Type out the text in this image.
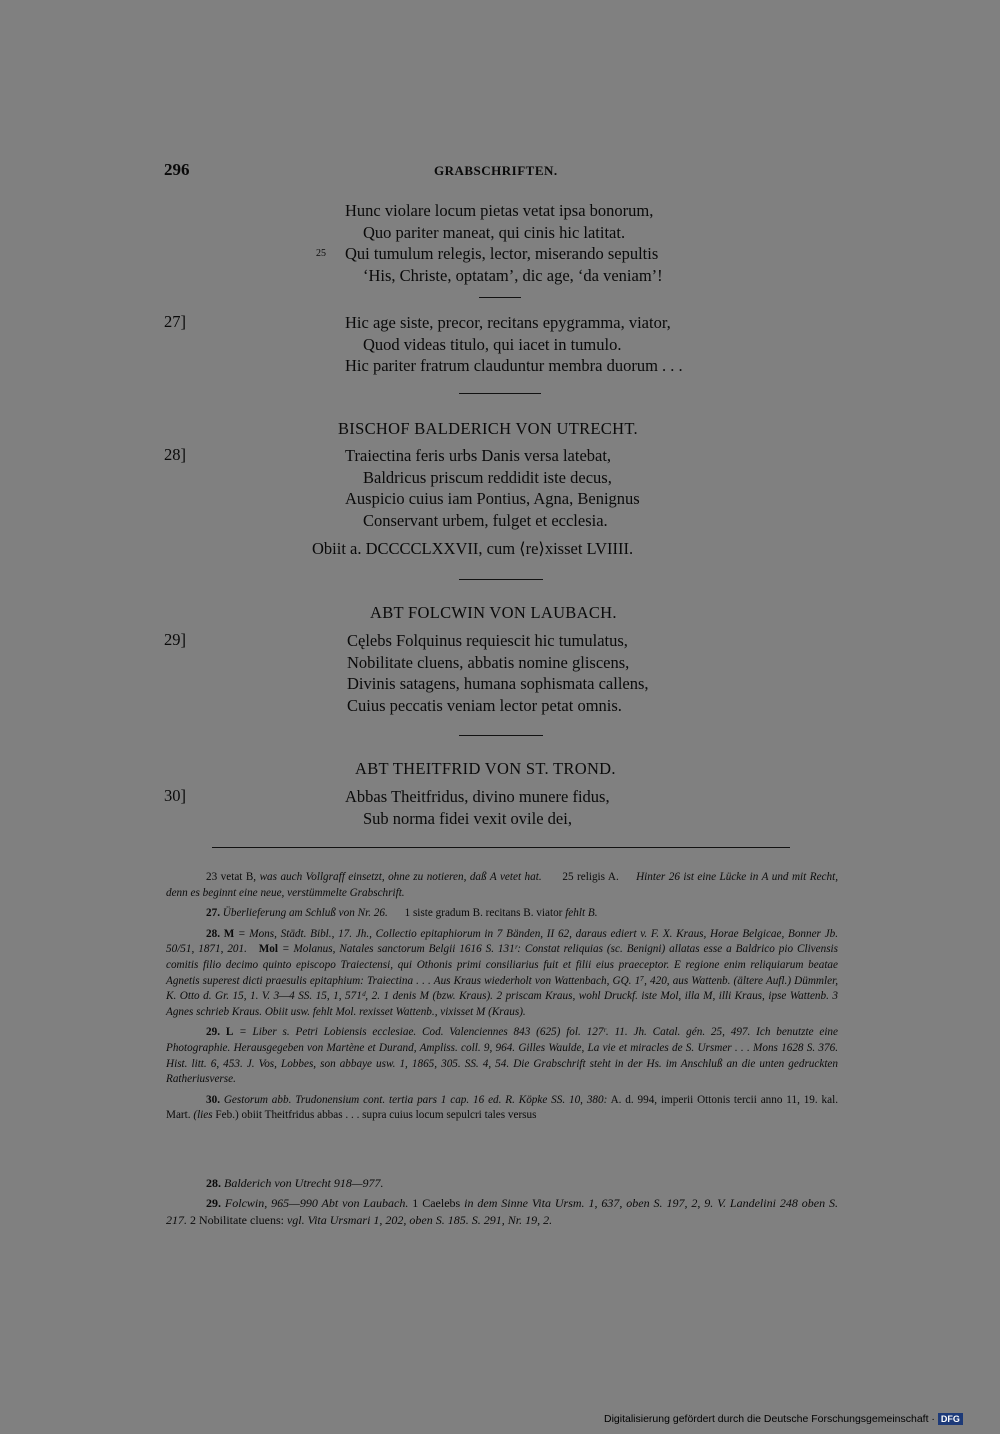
296	GRABSCHRIFTEN.
Hunc violare locum pietas vetat ipsa bonorum,
Quo pariter maneat, qui cinis hic latitat.
Qui tumulum relegis, lector, miserando sepultis
‘His, Christe, optatam’, dic age, ‘da veniam’!
25
27]	Hic age siste, precor, recitans epygramma, viator,
Quod videas titulo, qui iacet in tumulo.
Hic pariter fratrum clauduntur membra duorum . . .
BISCHOF BALDERICH VON UTRECHT.
28]	Traiectina feris urbs Danis versa latebat,
Baldricus priscum reddidit iste decus,
Auspicio cuius iam Pontius, Agna, Benignus
Conservant urbem, fulget et ecclesia.
Obiit a. DCCCCLXXVII, cum ⟨re⟩xisset LVIIII.
ABT FOLCWIN VON LAUBACH.
29]	Cęlebs Folquinus requiescit hic tumulatus,
Nobilitate cluens, abbatis nomine gliscens,
Divinis satagens, humana sophismata callens,
Cuius peccatis veniam lector petat omnis.
ABT THEITFRID VON ST. TROND.
30]	Abbas Theitfridus, divino munere fidus,
Sub norma fidei vexit ovile dei,

23 vetat B, was auch Vollgraff einsetzt, ohne zu notieren, daß A vetet hat. 25 religis A. Hinter 26 ist eine Lücke in A und mit Recht, denn es beginnt eine neue, verstümmelte Grabschrift.

27. Überlieferung am Schluß von Nr. 26. 1 siste gradum B. recitans B. viator fehlt B.

28. M = Mons, Städt. Bibl., 17. Jh., Collectio epitaphiorum in 7 Bänden, II 62, daraus ediert v. F. X. Kraus, Horae Belgicae, Bonner Jb. 50/51, 1871, 201. Mol = Molanus, Natales sanctorum Belgii 1616 S. 131ʳ: Constat reliquias (sc. Benigni) allatas esse a Baldrico pio Clivensis comitis filio decimo quinto episcopo Traiectensi, qui Othonis primi consiliarius fuit et filii eius praeceptor. E regione enim reliquiarum beatae Agnetis superest dicti praesulis epitaphium: Traiectina . . . Aus Kraus wiederholt von Wattenbach, GQ. 1⁷, 420, aus Wattenb. (ältere Aufl.) Dümmler, K. Otto d. Gr. 15, 1. V. 3—4 SS. 15, 1, 571ᵈ, 2. 1 denis M (bzw. Kraus). 2 priscam Kraus, wohl Druckf. iste Mol, illa M, illi Kraus, ipse Wattenb. 3 Agnes schrieb Kraus. Obiit usw. fehlt Mol. rexisset Wattenb., vixisset M (Kraus).

29. L = Liber s. Petri Lobiensis ecclesiae. Cod. Valenciennes 843 (625) fol. 127ʳ. 11. Jh. Catal. gén. 25, 497. Ich benutzte eine Photographie. Herausgegeben von Martène et Durand, Ampliss. coll. 9, 964. Gilles Waulde, La vie et miracles de S. Ursmer . . . Mons 1628 S. 376. Hist. litt. 6, 453. J. Vos, Lobbes, son abbaye usw. 1, 1865, 305. SS. 4, 54. Die Grabschrift steht in der Hs. im Anschluß an die unten gedruckten Ratheriusverse.

30. Gestorum abb. Trudonensium cont. tertia pars 1 cap. 16 ed. R. Köpke SS. 10, 380: A. d. 994, imperii Ottonis tercii anno 11, 19. kal. Mart. (lies Feb.) obiit Theitfridus abbas . . . supra cuius locum sepulcri tales versus

28. Balderich von Utrecht 918—977.

29. Folcwin, 965—990 Abt von Laubach. 1 Caelebs in dem Sinne Vita Ursm. 1, 637, oben S. 197, 2, 9. V. Landelini 248 oben S. 217. 2 Nobilitate cluens: vgl. Vita Ursmari 1, 202, oben S. 185. S. 291, Nr. 19, 2.

Digitalisierung gefördert durch die Deutsche Forschungsgemeinschaft · DFG
